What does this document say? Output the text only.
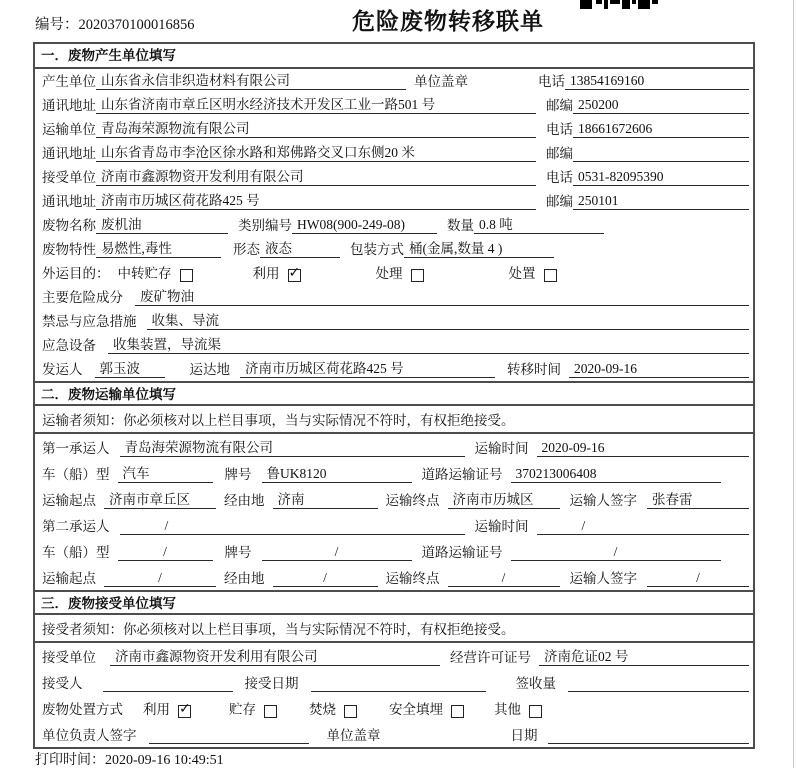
编号：2020370100016856	危险废物转移联单
一．废物产生单位填写
产生单位 山东省永信非织造材料有限公司	单位盖章	电话 13854169160
通讯地址 山东省济南市章丘区明水经济技术开发区工业一路501 号	邮编 250200
运输单位 青岛海荣源物流有限公司	电话 18661672606
通讯地址 山东省青岛市李沧区徐水路和郑佛路交叉口东侧20 米	邮编
接受单位 济南市鑫源物资开发利用有限公司	电话 0531-82095390
通讯地址 济南市历城区荷花路425 号	邮编 250101
废物名称 废机油	类别编号 HW08(900-249-08)	数量 0.8 吨
废物特性 易燃性,毒性	形态 液态	包装方式 桶(金属,数量 4 )
外运目的： 中转贮存	利用 ✓	处理	处置
主要危险成分	废矿物油
禁忌与应急措施	收集、导流
应急设备	收集装置，导流渠
发运人	郭玉波	运达地	济南市历城区荷花路425 号	转移时间 2020-09-16
二．废物运输单位填写
运输者须知：你必须核对以上栏目事项，当与实际情况不符时，有权拒绝接受。
第一承运人	青岛海荣源物流有限公司	运输时间 2020-09-16
车（船）型 汽车	牌号	鲁UK8120	道路运输证号 370213006408
运输起点 济南市章丘区	经由地 济南	运输终点 济南市历城区	运输人签字	张春雷
第二承运人	/	运输时间	/
车（船）型	/	牌号	/	道路运输证号	/
运输起点	/	经由地	/	运输终点	/	运输人签字	/
三．废物接受单位填写
接受者须知：你必须核对以上栏目事项，当与实际情况不符时，有权拒绝接受。
接受单位	济南市鑫源物资开发利用有限公司	经营许可证号 济南危证02 号
接受人	接受日期	签收量
废物处置方式 利用 ✓	贮存	焚烧	安全填埋	其他
单位负责人签字	单位盖章	日期
打印时间：2020-09-16 10:49:51
